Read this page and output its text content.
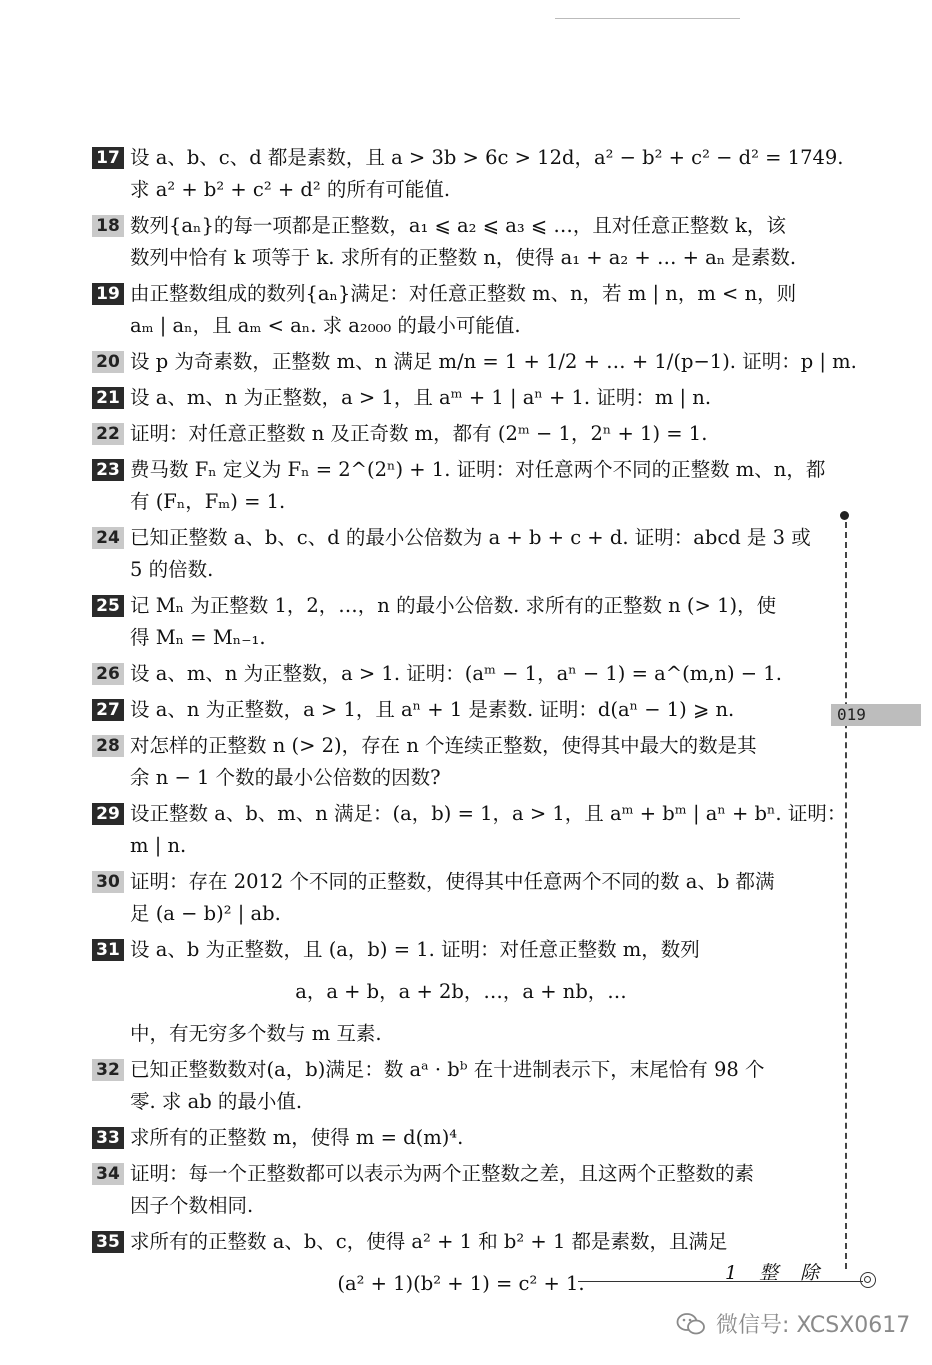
17 设 a、b、c、d 都是素数，且 a > 3b > 6c > 12d，a² − b² + c² − d² = 1749.
求 a² + b² + c² + d² 的所有可能值.
18 数列{aₙ}的每一项都是正整数，a₁ ⩽ a₂ ⩽ a₃ ⩽ …，且对任意正整数 k，该
数列中恰有 k 项等于 k. 求所有的正整数 n，使得 a₁ + a₂ + … + aₙ 是素数.
19 由正整数组成的数列{aₙ}满足：对任意正整数 m、n，若 m | n，m < n，则
aₘ | aₙ，且 aₘ < aₙ. 求 a₂₀₀₀ 的最小可能值.
20 设 p 为奇素数，正整数 m、n 满足 m/n = 1 + 1/2 + … + 1/(p−1). 证明：p | m.
21 设 a、m、n 为正整数，a > 1，且 aᵐ + 1 | aⁿ + 1. 证明：m | n.
22 证明：对任意正整数 n 及正奇数 m，都有 (2ᵐ − 1，2ⁿ + 1) = 1.
23 费马数 Fₙ 定义为 Fₙ = 2^(2ⁿ) + 1. 证明：对任意两个不同的正整数 m、n，都
有 (Fₙ，Fₘ) = 1.
24 已知正整数 a、b、c、d 的最小公倍数为 a + b + c + d. 证明：abcd 是 3 或
5 的倍数.
25 记 Mₙ 为正整数 1，2，…，n 的最小公倍数. 求所有的正整数 n (> 1)，使
得 Mₙ = Mₙ₋₁.
26 设 a、m、n 为正整数，a > 1. 证明：(aᵐ − 1，aⁿ − 1) = a^(m,n) − 1.
27 设 a、n 为正整数，a > 1，且 aⁿ + 1 是素数. 证明：d(aⁿ − 1) ⩾ n.
28 对怎样的正整数 n (> 2)，存在 n 个连续正整数，使得其中最大的数是其
余 n − 1 个数的最小公倍数的因数?
29 设正整数 a、b、m、n 满足：(a，b) = 1，a > 1，且 aᵐ + bᵐ | aⁿ + bⁿ. 证明：
m | n.
30 证明：存在 2012 个不同的正整数，使得其中任意两个不同的数 a、b 都满
足 (a − b)² | ab.
31 设 a、b 为正整数，且 (a，b) = 1. 证明：对任意正整数 m，数列
a，a + b，a + 2b，…，a + nb，…
中，有无穷多个数与 m 互素.
32 已知正整数数对(a，b)满足：数 aᵃ · bᵇ 在十进制表示下，末尾恰有 98 个
零. 求 ab 的最小值.
33 求所有的正整数 m，使得 m = d(m)⁴.
34 证明：每一个正整数都可以表示为两个正整数之差，且这两个正整数的素
因子个数相同.
35 求所有的正整数 a、b、c，使得 a² + 1 和 b² + 1 都是素数，且满足
(a² + 1)(b² + 1) = c² + 1.
019
1 整 除
微信号: XCSX0617
